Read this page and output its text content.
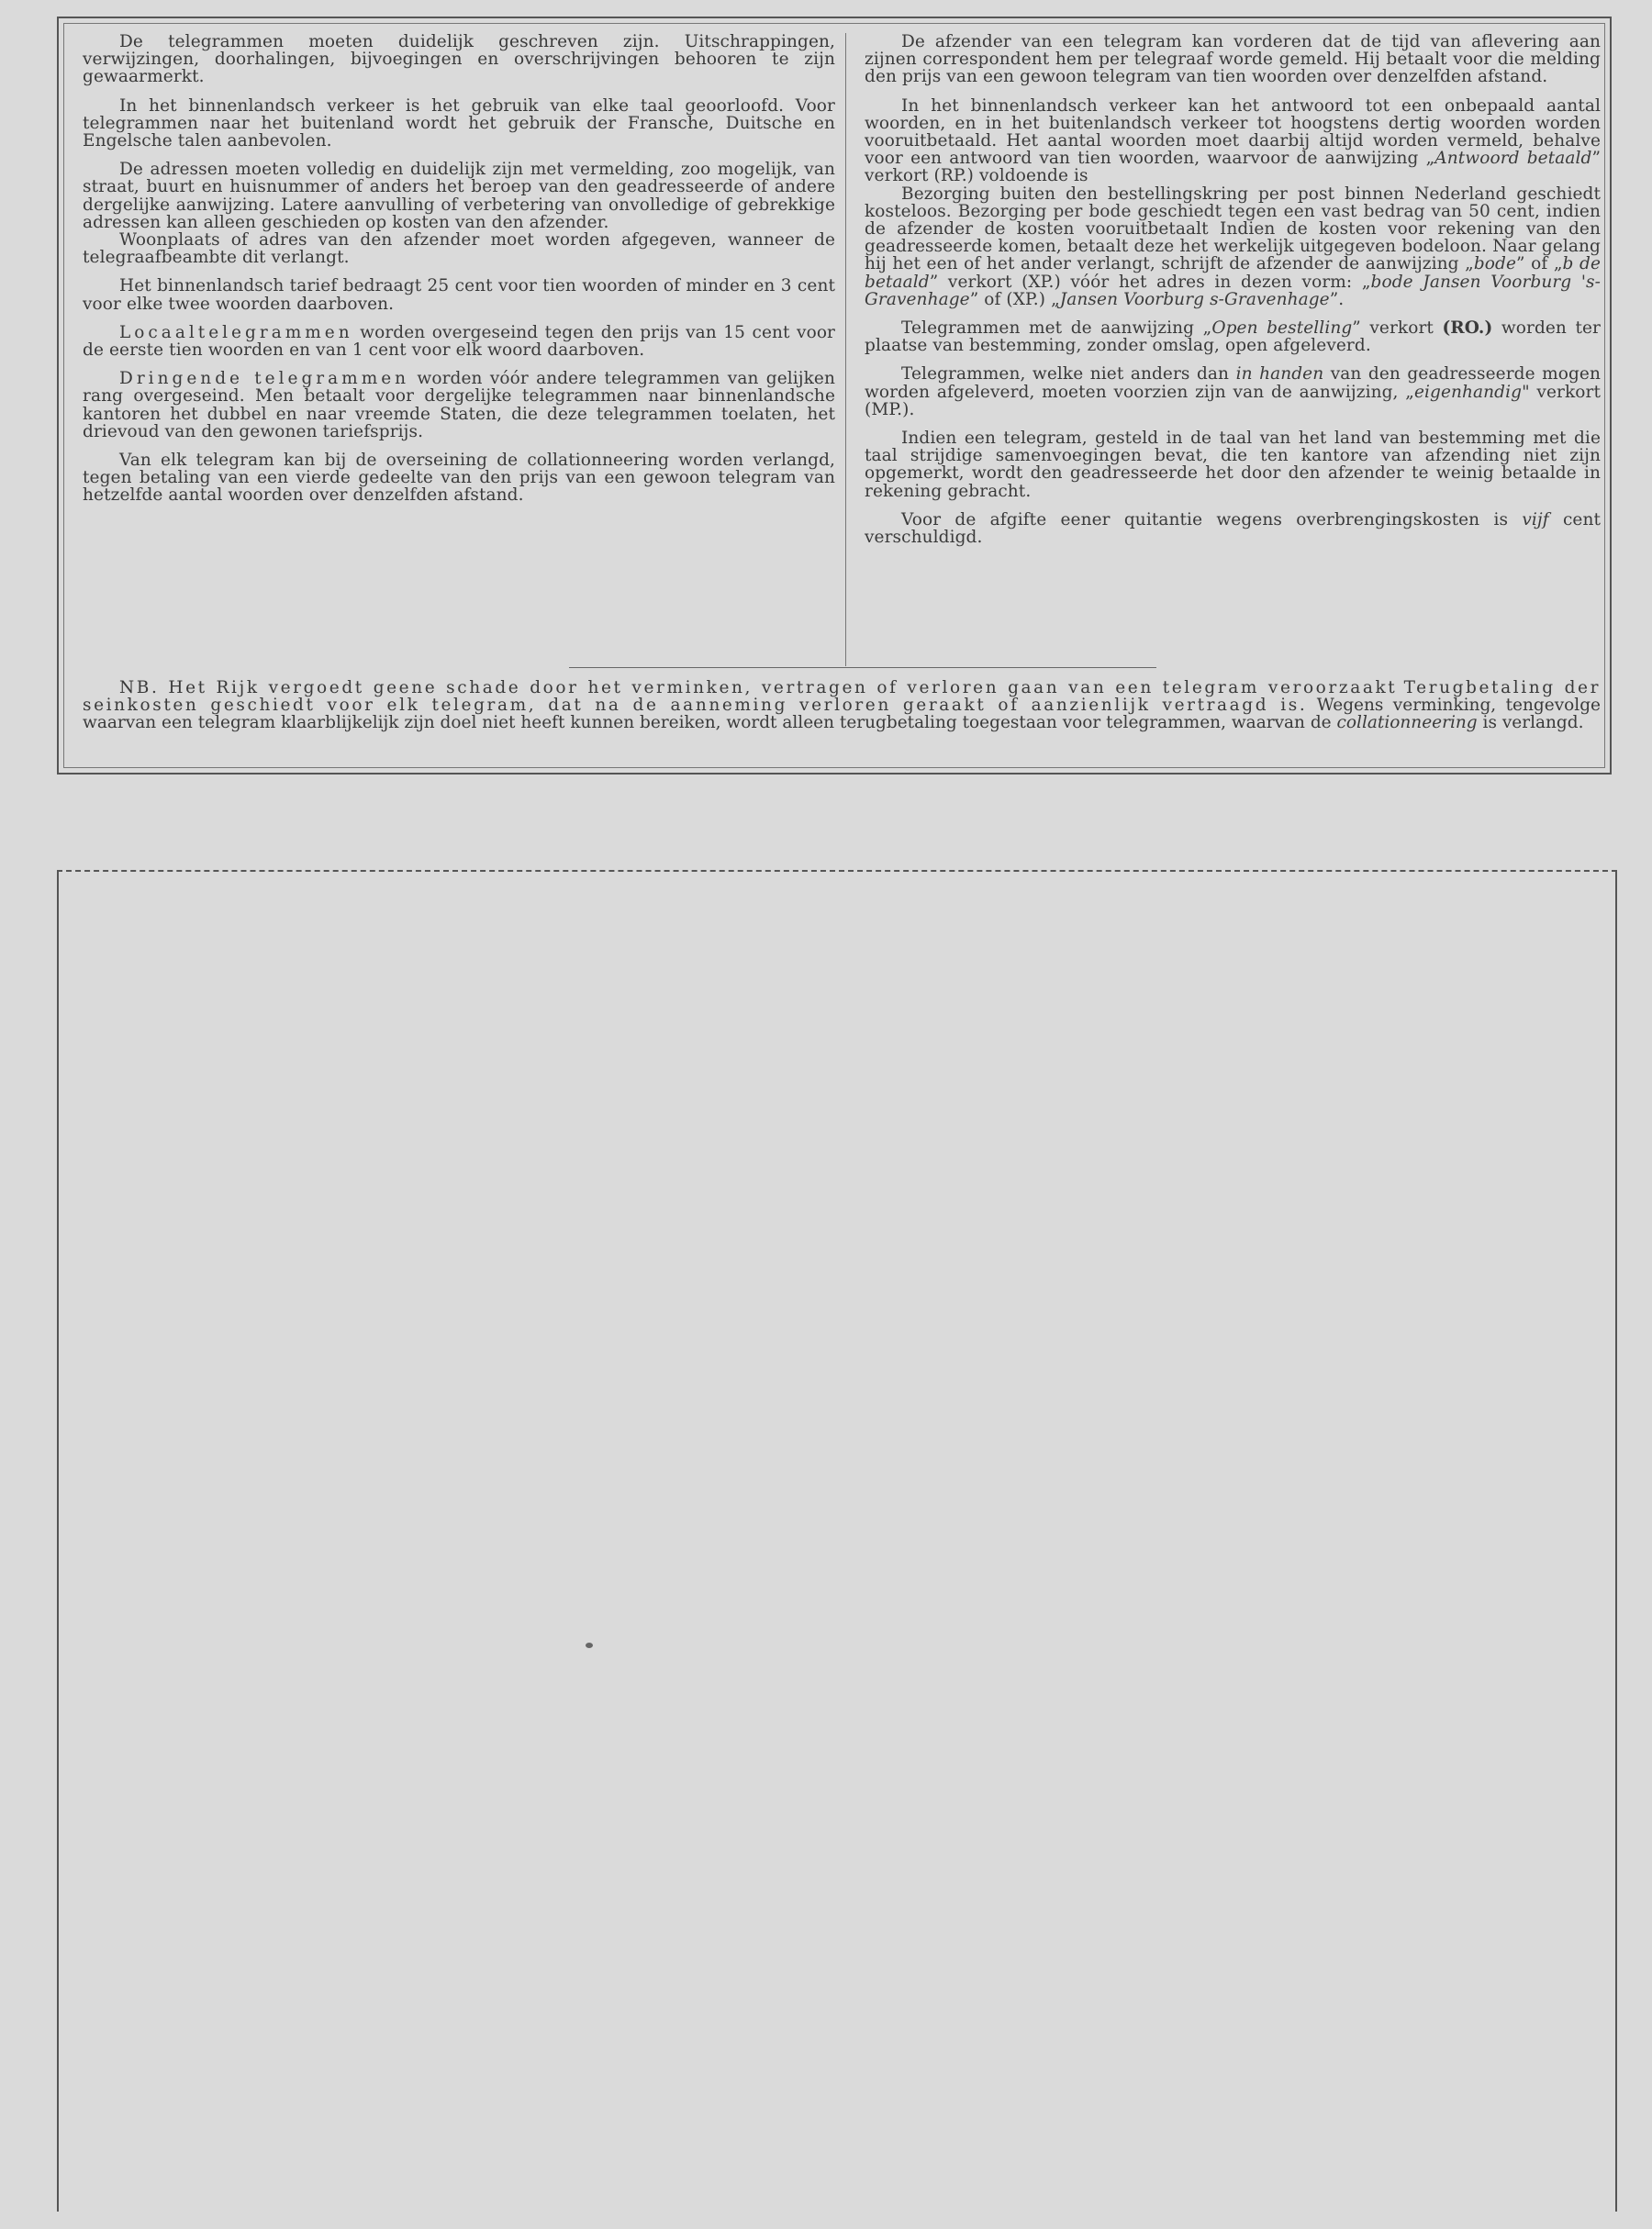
De telegrammen moeten duidelijk geschreven zijn. Uitschrappingen, verwijzingen, doorhalingen, bijvoegingen en overschrijvingen behooren te zijn gewaarmerkt.

In het binnenlandsch verkeer is het gebruik van elke taal geoorloofd. Voor telegrammen naar het buitenland wordt het gebruik der Fransche, Duitsche en Engelsche talen aanbevolen.

De adressen moeten volledig en duidelijk zijn met vermelding, zoo mogelijk, van straat, buurt en huisnummer of anders het beroep van den geadresseerde of andere dergelijke aanwijzing. Latere aanvulling of verbetering van onvolledige of gebrekkige adressen kan alleen geschieden op kosten van den afzender.

Woonplaats of adres van den afzender moet worden afgegeven, wanneer de telegraafbeambte dit verlangt.

Het binnenlandsch tarief bedraagt 25 cent voor tien woorden of minder en 3 cent voor elke twee woorden daarboven.

Locaaltelegrammen worden overgeseind tegen den prijs van 15 cent voor de eerste tien woorden en van 1 cent voor elk woord daarboven.

Dringende telegrammen worden vóór andere telegrammen van gelijken rang overgeseind. Men betaalt voor dergelijke telegrammen naar binnenlandsche kantoren het dubbel en naar vreemde Staten, die deze telegrammen toelaten, het drievoud van den gewonen tariefsprijs.

Van elk telegram kan bij de overseining de collationneering worden verlangd, tegen betaling van een vierde gedeelte van den prijs van een gewoon telegram van hetzelfde aantal woorden over denzelfden afstand.

De afzender van een telegram kan vorderen dat de tijd van aflevering aan zijnen correspondent hem per telegraaf worde gemeld. Hij betaalt voor die melding den prijs van een gewoon telegram van tien woorden over denzelfden afstand.

In het binnenlandsch verkeer kan het antwoord tot een onbepaald aantal woorden, en in het buitenlandsch verkeer tot hoogstens dertig woorden worden vooruitbetaald. Het aantal woorden moet daarbij altijd worden vermeld, behalve voor een antwoord van tien woorden, waarvoor de aanwijzing „Antwoord betaald” verkort (RP.) voldoende is

Bezorging buiten den bestellingskring per post binnen Nederland geschiedt kosteloos. Bezorging per bode geschiedt tegen een vast bedrag van 50 cent, indien de afzender de kosten vooruitbetaalt Indien de kosten voor rekening van den geadresseerde komen, betaalt deze het werkelijk uitgegeven bodeloon. Naar gelang hij het een of het ander verlangt, schrijft de afzender de aanwijzing „bode” of „b de betaald” verkort (XP.) vóór het adres in dezen vorm: „bode Jansen Voorburg 's-Gravenhage” of (XP.) „Jansen Voorburg s-Gravenhage”.

Telegrammen met de aanwijzing „Open bestelling” verkort (RO.) worden ter plaatse van bestemming, zonder omslag, open afgeleverd.

Telegrammen, welke niet anders dan in handen van den geadresseerde mogen worden afgeleverd, moeten voorzien zijn van de aanwijzing, „eigenhandig" verkort (MP.).

Indien een telegram, gesteld in de taal van het land van bestemming met die taal strijdige samenvoegingen bevat, die ten kantore van afzending niet zijn opgemerkt, wordt den geadresseerde het door den afzender te weinig betaalde in rekening gebracht.

Voor de afgifte eener quitantie wegens overbrengingskosten is vijf cent verschuldigd.

NB. Het Rijk vergoedt geene schade door het verminken, vertragen of verloren gaan van een telegram veroorzaakt Terugbetaling der seinkosten geschiedt voor elk telegram, dat na de aanneming verloren geraakt of aanzienlijk vertraagd is. Wegens verminking, tengevolge waarvan een telegram klaarblijkelijk zijn doel niet heeft kunnen bereiken, wordt alleen terugbetaling toegestaan voor telegrammen, waarvan de collationneering is verlangd.
